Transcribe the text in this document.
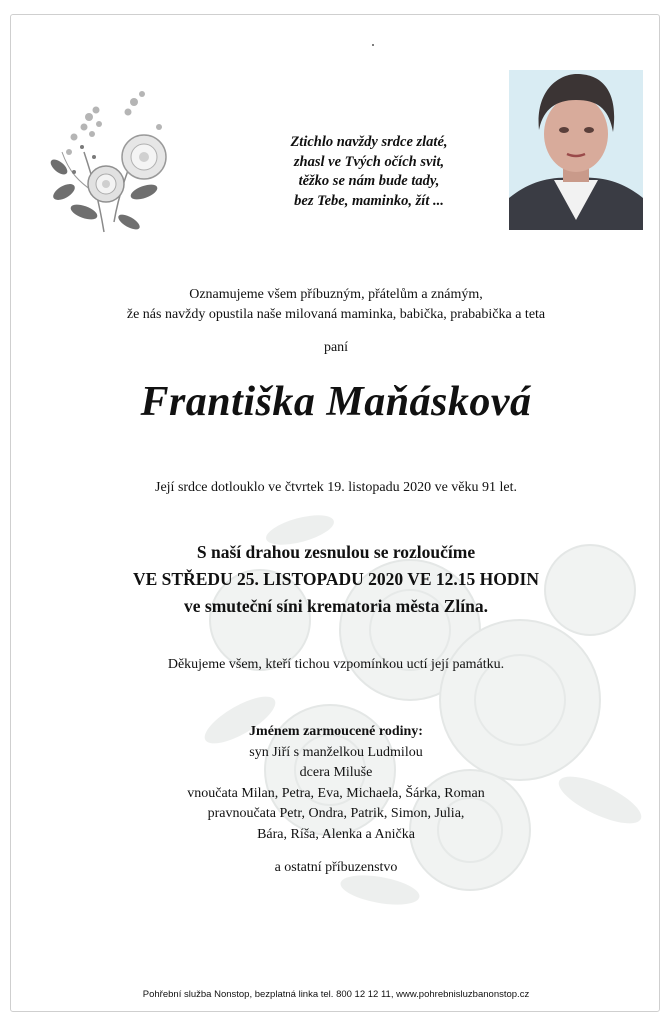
Ztichlo navždy srdce zlaté,
zhasl ve Tvých očích svit,
těžko se nám bude tady,
bez Tebe, maminko, žít ...
Oznamujeme všem příbuzným, přátelům a známým,
že nás navždy opustila naše milovaná maminka, babička, prababička a teta
paní
Františka Maňásková
Její srdce dotlouklo ve čtvrtek 19. listopadu 2020 ve věku 91 let.
S naší drahou zesnulou se rozloučíme
VE STŘEDU 25. LISTOPADU 2020 VE 12.15 HODIN
ve smuteční síni krematoria města Zlína.
Děkujeme všem, kteří tichou vzpomínkou uctí její památku.
Jménem zarmoucené rodiny:
syn Jiří s manželkou Ludmilou
dcera Miluše
vnoučata Milan, Petra, Eva, Michaela, Šárka, Roman
pravnoučata Petr, Ondra, Patrik, Simon, Julia,
Bára, Ríša, Alenka a Anička
a ostatní příbuzenstvo
Pohřební služba Nonstop, bezplatná linka tel. 800 12 12 11, www.pohrebnisluzbanonstop.cz
